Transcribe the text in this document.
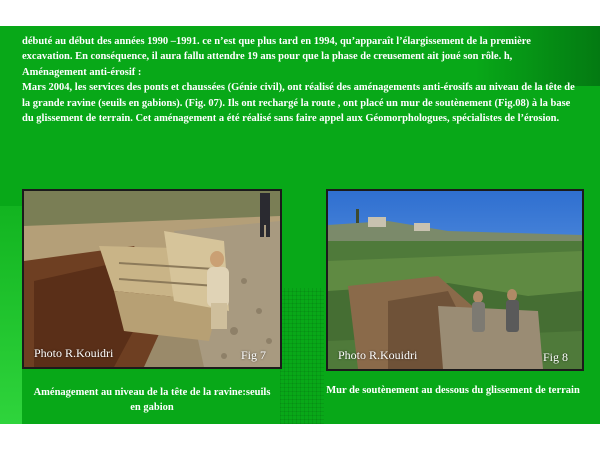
débuté au début des années 1990 –1991. ce n’est que plus tard en 1994, qu’apparaît l’élargissement de la première excavation. En conséquence, il aura fallu attendre 19 ans pour que la phase de creusement ait joué son rôle. h, Aménagement anti-érosif :

Mars 2004, les services des ponts et chaussées (Génie civil), ont réalisé des aménagements anti-érosifs au niveau de la tête de la grande ravine (seuils en gabions). (Fig. 07). Ils ont rechargé la route , ont placé un mur de soutènement (Fig.08) à la base du glissement de terrain. Cet aménagement a été réalisé sans faire appel aux Géomorphologues, spécialistes de l’érosion.

Photo R.Kouidri	Fig 7	Photo R.Kouidri	Fig 8
Aménagement au niveau de la tête de la ravine:seuils en gabion
Mur de soutènement au dessous du glissement de terrain
